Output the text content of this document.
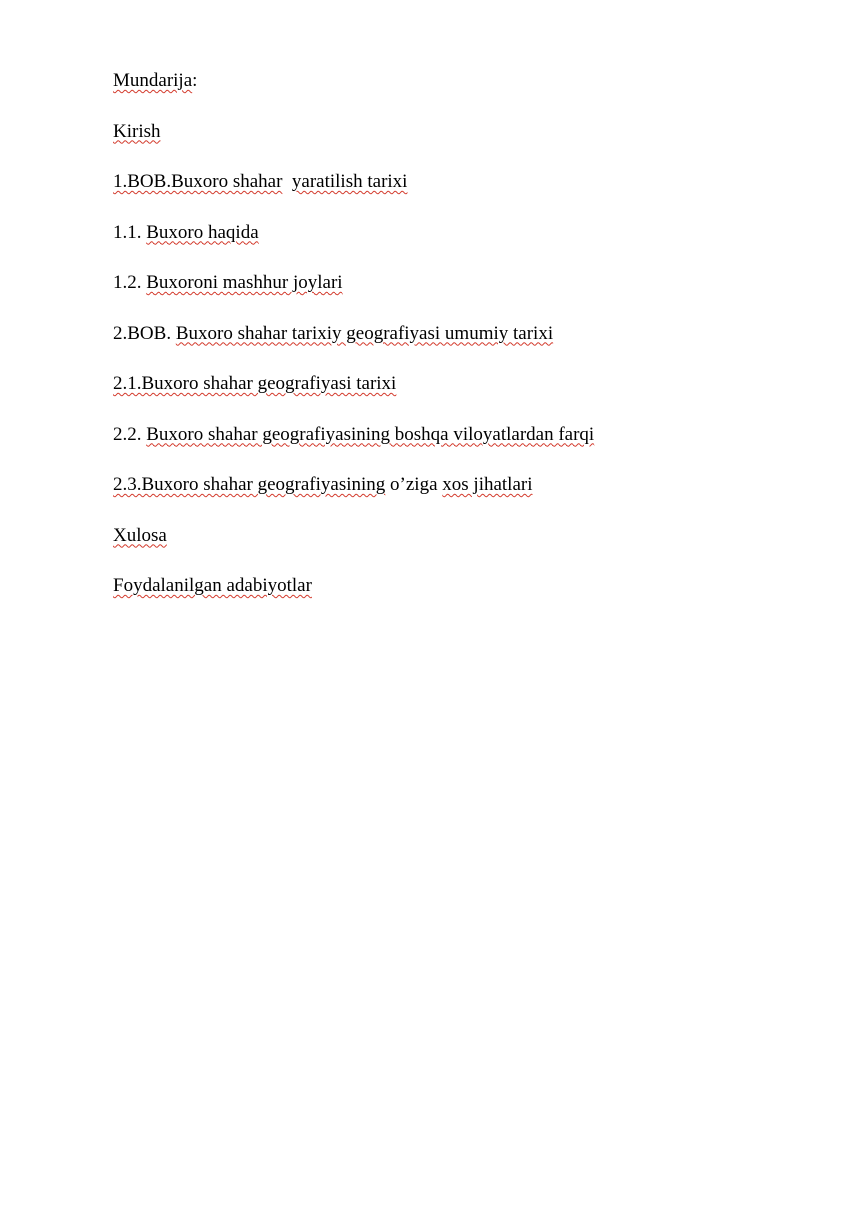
Mundarija:
Kirish
1.BOB.Buxoro shahar yaratilish tarixi
1.1. Buxoro haqida
1.2. Buxoroni mashhur joylari
2.BOB. Buxoro shahar tarixiy geografiyasi umumiy tarixi
2.1.Buxoro shahar geografiyasi tarixi
2.2. Buxoro shahar geografiyasining boshqa viloyatlardan farqi
2.3.Buxoro shahar geografiyasining o’ziga xos jihatlari
Xulosa
Foydalanilgan adabiyotlar
